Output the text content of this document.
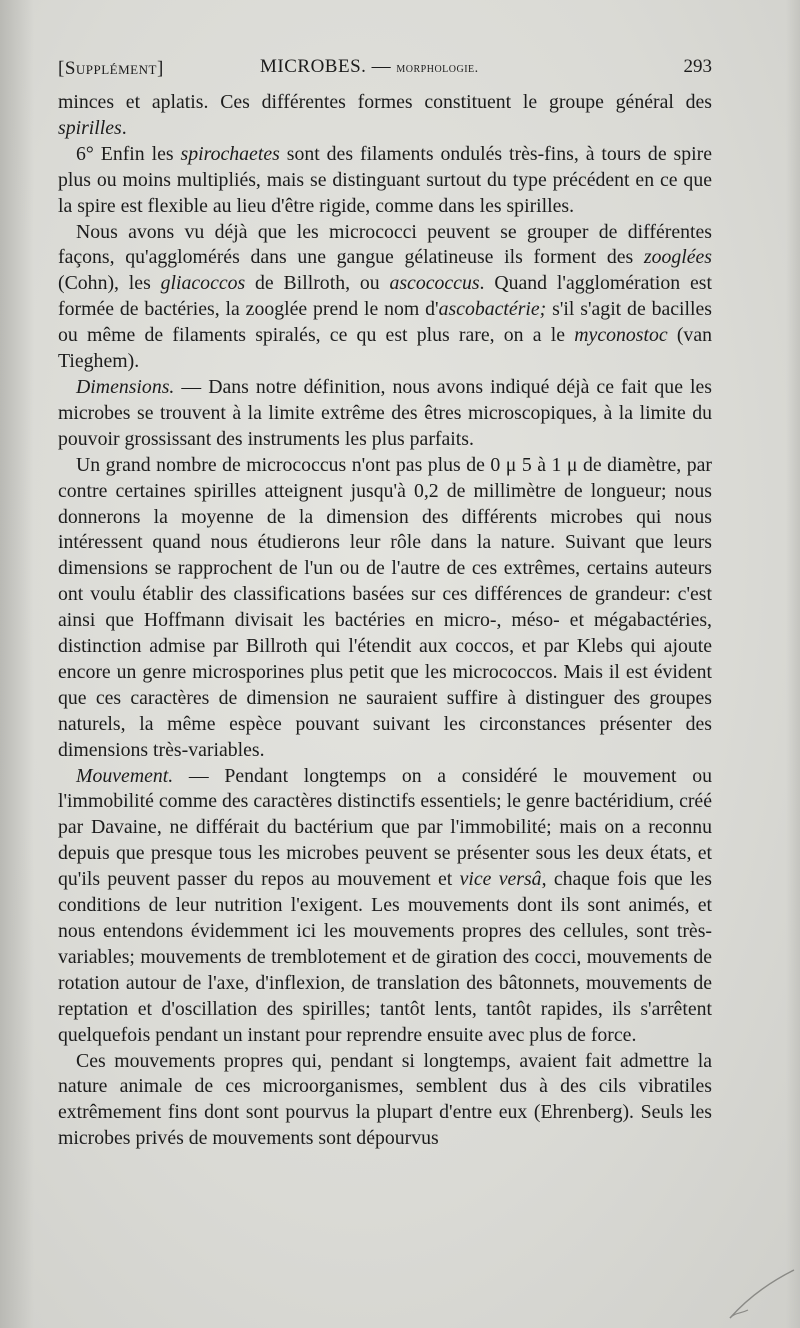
[Supplément]	MICROBES. — morphologie.	293

minces et aplatis. Ces différentes formes constituent le groupe général des spirilles.

6° Enfin les spirochaetes sont des filaments ondulés très-fins, à tours de spire plus ou moins multipliés, mais se distinguant surtout du type précédent en ce que la spire est flexible au lieu d'être rigide, comme dans les spirilles.

Nous avons vu déjà que les micrococci peuvent se grouper de différentes façons, qu'agglomérés dans une gangue gélatineuse ils forment des zooglées (Cohn), les gliacoccos de Billroth, ou ascococcus. Quand l'agglomération est formée de bactéries, la zooglée prend le nom d'ascobactérie; s'il s'agit de bacilles ou même de filaments spiralés, ce qu est plus rare, on a le myconostoc (van Tieghem).

Dimensions. — Dans notre définition, nous avons indiqué déjà ce fait que les microbes se trouvent à la limite extrême des êtres microscopiques, à la limite du pouvoir grossissant des instruments les plus parfaits.

Un grand nombre de micrococcus n'ont pas plus de 0 μ 5 à 1 μ de diamètre, par contre certaines spirilles atteignent jusqu'à 0,2 de millimètre de longueur; nous donnerons la moyenne de la dimension des différents microbes qui nous intéressent quand nous étudierons leur rôle dans la nature. Suivant que leurs dimensions se rapprochent de l'un ou de l'autre de ces extrêmes, certains auteurs ont voulu établir des classifications basées sur ces différences de grandeur: c'est ainsi que Hoffmann divisait les bactéries en micro-, méso- et mégabactéries, distinction admise par Billroth qui l'étendit aux coccos, et par Klebs qui ajoute encore un genre microsporines plus petit que les micrococcos. Mais il est évident que ces caractères de dimension ne sauraient suffire à distinguer des groupes naturels, la même espèce pouvant suivant les circonstances présenter des dimensions très-variables.

Mouvement. — Pendant longtemps on a considéré le mouvement ou l'immobilité comme des caractères distinctifs essentiels; le genre bactéridium, créé par Davaine, ne différait du bactérium que par l'immobilité; mais on a reconnu depuis que presque tous les microbes peuvent se présenter sous les deux états, et qu'ils peuvent passer du repos au mouvement et vice versâ, chaque fois que les conditions de leur nutrition l'exigent. Les mouvements dont ils sont animés, et nous entendons évidemment ici les mouvements propres des cellules, sont très-variables; mouvements de tremblotement et de giration des cocci, mouvements de rotation autour de l'axe, d'inflexion, de translation des bâtonnets, mouvements de reptation et d'oscillation des spirilles; tantôt lents, tantôt rapides, ils s'arrêtent quelquefois pendant un instant pour reprendre ensuite avec plus de force.

Ces mouvements propres qui, pendant si longtemps, avaient fait admettre la nature animale de ces microorganismes, semblent dus à des cils vibratiles extrêmement fins dont sont pourvus la plupart d'entre eux (Ehrenberg). Seuls les microbes privés de mouvements sont dépourvus
